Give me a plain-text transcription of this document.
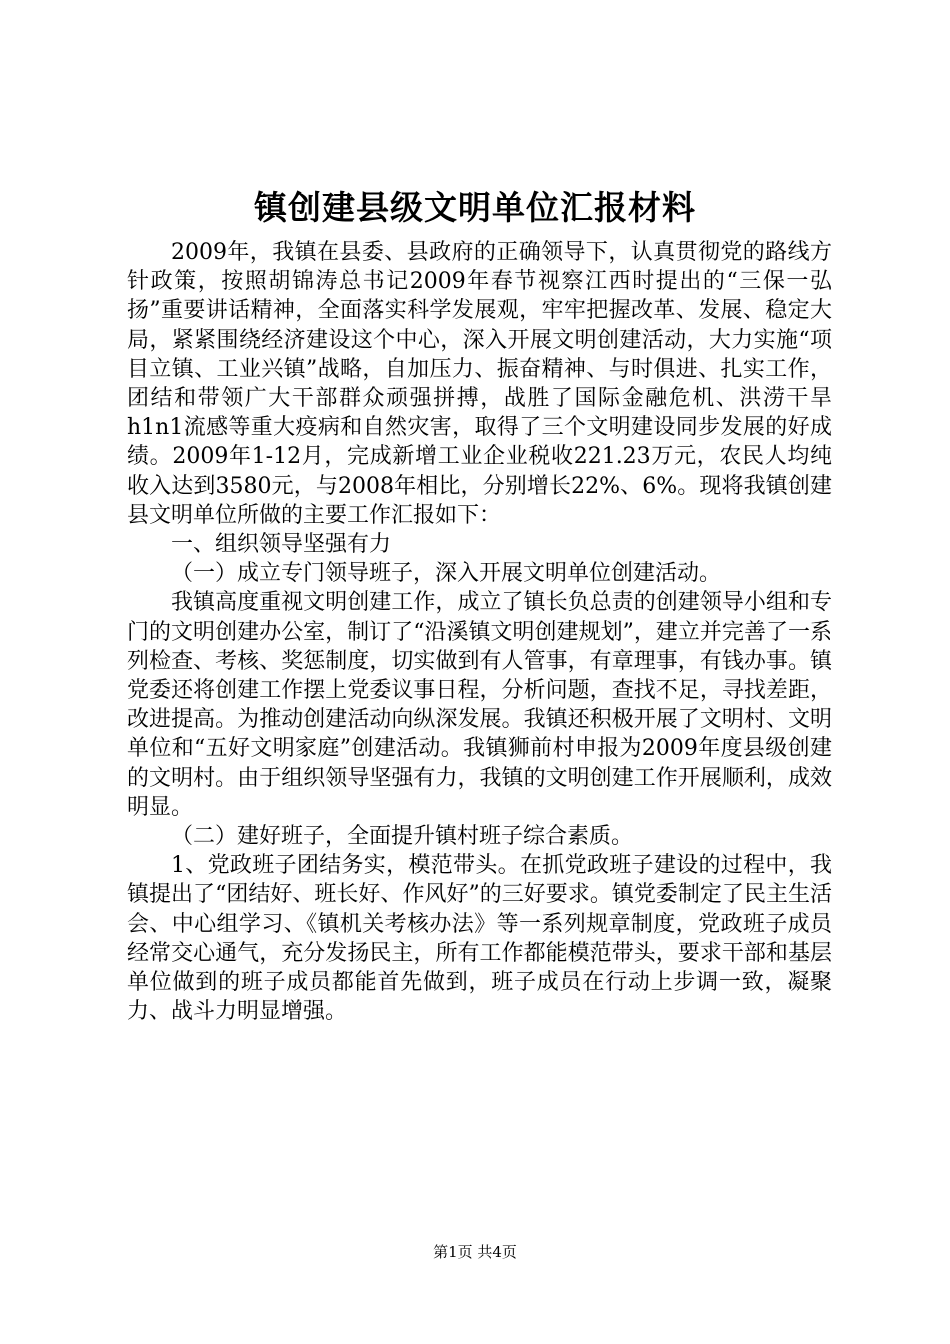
镇创建县级文明单位汇报材料

2009年，我镇在县委、县政府的正确领导下，认真贯彻党的路线方针政策，按照胡锦涛总书记2009年春节视察江西时提出的“三保一弘扬”重要讲话精神，全面落实科学发展观，牢牢把握改革、发展、稳定大局，紧紧围绕经济建设这个中心，深入开展文明创建活动，大力实施“项目立镇、工业兴镇”战略，自加压力、振奋精神、与时俱进、扎实工作，团结和带领广大干部群众顽强拼搏，战胜了国际金融危机、洪涝干旱h1n1流感等重大疫病和自然灾害，取得了三个文明建设同步发展的好成绩。2009年1-12月，完成新增工业企业税收221.23万元，农民人均纯收入达到3580元，与2008年相比，分别增长22%、6%。现将我镇创建县文明单位所做的主要工作汇报如下：

一、组织领导坚强有力

（一）成立专门领导班子，深入开展文明单位创建活动。

我镇高度重视文明创建工作，成立了镇长负总责的创建领导小组和专门的文明创建办公室，制订了“沿溪镇文明创建规划”，建立并完善了一系列检查、考核、奖惩制度，切实做到有人管事，有章理事，有钱办事。镇党委还将创建工作摆上党委议事日程，分析问题，查找不足，寻找差距，改进提高。为推动创建活动向纵深发展。我镇还积极开展了文明村、文明单位和“五好文明家庭”创建活动。我镇狮前村申报为2009年度县级创建的文明村。由于组织领导坚强有力，我镇的文明创建工作开展顺利，成效明显。

（二）建好班子，全面提升镇村班子综合素质。

1、党政班子团结务实，模范带头。在抓党政班子建设的过程中，我镇提出了“团结好、班长好、作风好”的三好要求。镇党委制定了民主生活会、中心组学习、《镇机关考核办法》等一系列规章制度，党政班子成员经常交心通气，充分发扬民主，所有工作都能模范带头，要求干部和基层单位做到的班子成员都能首先做到，班子成员在行动上步调一致，凝聚力、战斗力明显增强。

第1页 共4页
